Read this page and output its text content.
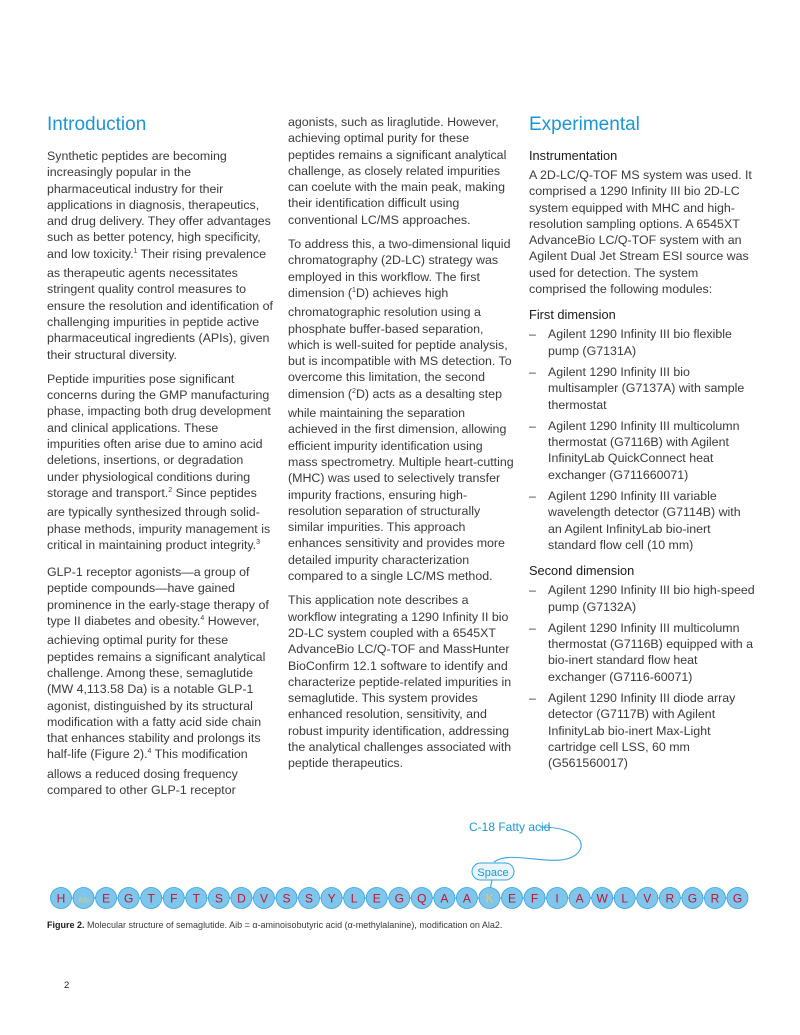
Introduction

Synthetic peptides are becoming increasingly popular in the pharmaceutical industry for their applications in diagnosis, therapeutics, and drug delivery. They offer advantages such as better potency, high specificity, and low toxicity.$^1$ Their rising prevalence as therapeutic agents necessitates stringent quality control measures to ensure the resolution and identification of challenging impurities in peptide active pharmaceutical ingredients (APIs), given their structural diversity.

Peptide impurities pose significant concerns during the GMP manufacturing phase, impacting both drug development and clinical applications. These impurities often arise due to amino acid deletions, insertions, or degradation under physiological conditions during storage and transport.$^2$ Since peptides are typically synthesized through solid-phase methods, impurity management is critical in maintaining product integrity.$^3$

GLP-1 receptor agonists—a group of peptide compounds—have gained prominence in the early-stage therapy of type II diabetes and obesity.$^4$ However, achieving optimal purity for these peptides remains a significant analytical challenge. Among these, semaglutide (MW 4,113.58 Da) is a notable GLP-1 agonist, distinguished by its structural modification with a fatty acid side chain that enhances stability and prolongs its half-life (Figure 2).$^4$ This modification allows a reduced dosing frequency compared to other GLP-1 receptor

agonists, such as liraglutide. However, achieving optimal purity for these peptides remains a significant analytical challenge, as closely related impurities can coelute with the main peak, making their identification difficult using conventional LC/MS approaches.

To address this, a two-dimensional liquid chromatography (2D-LC) strategy was employed in this workflow. The first dimension ($^1$D) achieves high chromatographic resolution using a phosphate buffer-based separation, which is well-suited for peptide analysis, but is incompatible with MS detection. To overcome this limitation, the second dimension ($^2$D) acts as a desalting step while maintaining the separation achieved in the first dimension, allowing efficient impurity identification using mass spectrometry. Multiple heart-cutting (MHC) was used to selectively transfer impurity fractions, ensuring high-resolution separation of structurally similar impurities. This approach enhances sensitivity and provides more detailed impurity characterization compared to a single LC/MS method.

This application note describes a workflow integrating a 1290 Infinity II bio 2D-LC system coupled with a 6545XT AdvanceBio LC/Q-TOF and MassHunter BioConfirm 12.1 software to identify and characterize peptide-related impurities in semaglutide. This system provides enhanced resolution, sensitivity, and robust impurity identification, addressing the analytical challenges associated with peptide therapeutics.

Experimental
Instrumentation

A 2D-LC/Q-TOF MS system was used. It comprised a 1290 Infinity III bio 2D-LC system equipped with MHC and high-resolution sampling options. A 6545XT AdvanceBio LC/Q-TOF system with an Agilent Dual Jet Stream ESI source was used for detection. The system comprised the following modules:

First dimension
– Agilent 1290 Infinity III bio flexible pump (G7131A)
– Agilent 1290 Infinity III bio multisampler (G7137A) with sample thermostat
– Agilent 1290 Infinity III multicolumn thermostat (G7116B) with Agilent InfinityLab QuickConnect heat exchanger (G711660071)
– Agilent 1290 Infinity III variable wavelength detector (G7114B) with an Agilent InfinityLab bio-inert standard flow cell (10 mm)
Second dimension
– Agilent 1290 Infinity III bio high-speed pump (G7132A)
– Agilent 1290 Infinity III multicolumn thermostat (G7116B) equipped with a bio-inert standard flow heat exchanger (G7116-60071)
– Agilent 1290 Infinity III diode array detector (G7117B) with Agilent InfinityLab bio-inert Max-Light cartridge cell LSS, 60 mm (G561560017)
C-18 Fatty acid
Space
H Aib E G T F T S D V S S Y L E G Q A A K E F I A W L V R G R G
Figure 2. Molecular structure of semaglutide. Aib = α-aminoisobutyric acid (α-methylalanine), modification on Ala2.
2
